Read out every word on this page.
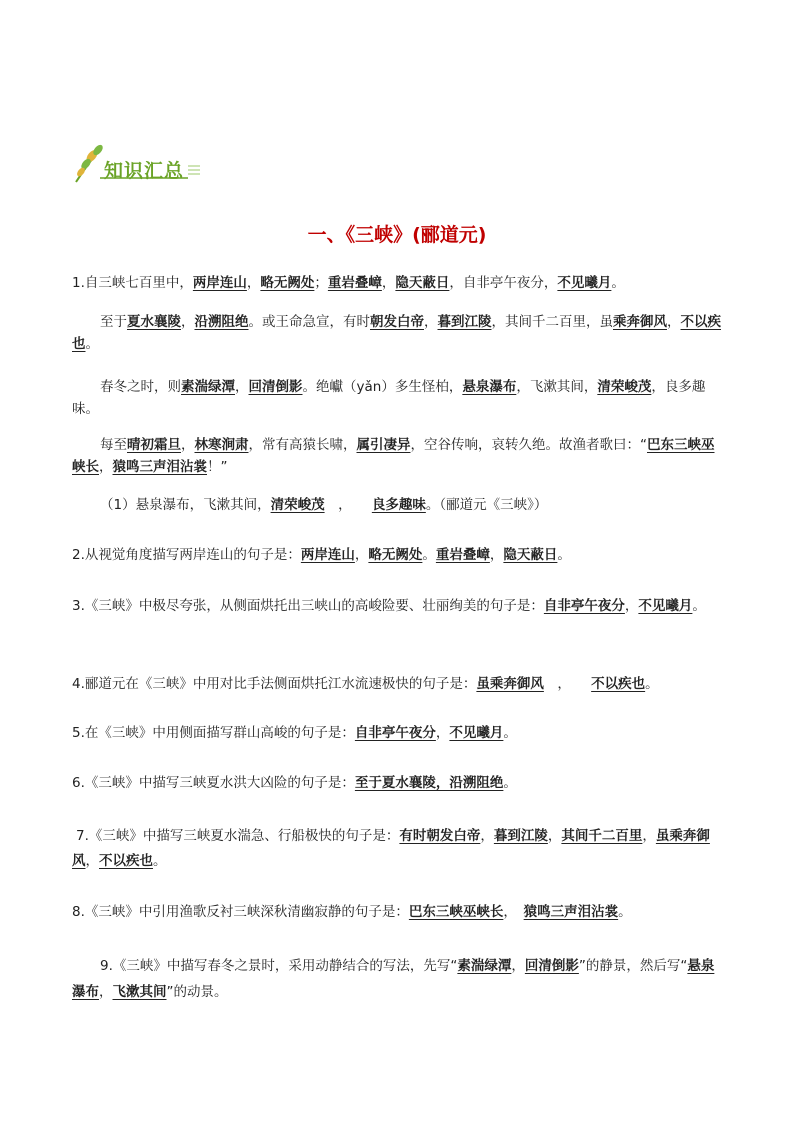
知识汇总
一、《三峡》(郦道元)
1.自三峡七百里中，两岸连山，略无阙处；重岩叠嶂，隐天蔽日，自非亭午夜分，不见曦月。
至于夏水襄陵，沿溯阻绝。或王命急宣，有时朝发白帝，暮到江陵，其间千二百里，虽乘奔御风，不以疾也。
春冬之时，则素湍绿潭，回清倒影。绝巘（yǎn）多生怪柏，悬泉瀑布，飞漱其间，清荣峻茂，良多趣味。
每至晴初霜旦，林寒涧肃，常有高猿长啸，属引凄异，空谷传响，哀转久绝。故渔者歌曰：“巴东三峡巫峡长，猿鸣三声泪沾裳！”
（1）悬泉瀑布，飞漱其间，清荣峻茂　，　　良多趣味。（郦道元《三峡》）
2.从视觉角度描写两岸连山的句子是：两岸连山，略无阙处。重岩叠嶂，隐天蔽日。
3.《三峡》中极尽夸张，从侧面烘托出三峡山的高峻险要、壮丽绚美的句子是：自非亭午夜分，不见曦月。
4.郦道元在《三峡》中用对比手法侧面烘托江水流速极快的句子是：虽乘奔御风　，　　不以疾也。
5.在《三峡》中用侧面描写群山高峻的句子是：自非亭午夜分，不见曦月。
6.《三峡》中描写三峡夏水洪大凶险的句子是：至于夏水襄陵，沿溯阻绝。
7.《三峡》中描写三峡夏水湍急、行船极快的句子是：有时朝发白帝，暮到江陵，其间千二百里，虽乘奔御风，不以疾也。
8.《三峡》中引用渔歌反衬三峡深秋清幽寂静的句子是：巴东三峡巫峡长，　猿鸣三声泪沾裳。
9.《三峡》中描写春冬之景时，采用动静结合的写法，先写“素湍绿潭，回清倒影”的静景，然后写“悬泉瀑布，飞漱其间”的动景。
